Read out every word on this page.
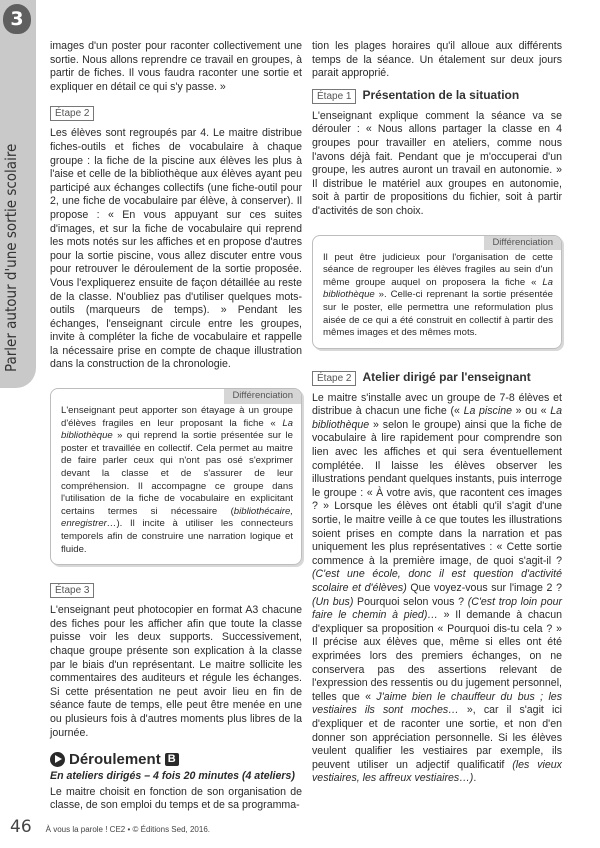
3
Parler autour d'une sortie scolaire

images d'un poster pour raconter collectivement une sortie. Nous allons reprendre ce travail en groupes, à partir de fiches. Il vous faudra raconter une sortie et expliquer en détail ce qui s'y passe. »

Étape 2

Les élèves sont regroupés par 4. Le maitre distribue fiches-outils et fiches de vocabulaire à chaque groupe : la fiche de la piscine aux élèves les plus à l'aise et celle de la bibliothèque aux élèves ayant peu participé aux échanges collectifs (une fiche-outil pour 2, une fiche de vocabulaire par élève, à conserver). Il propose : « En vous appuyant sur ces suites d'images, et sur la fiche de vocabulaire qui reprend les mots notés sur les affiches et en propose d'autres pour la sortie piscine, vous allez discuter entre vous pour retrouver le déroulement de la sortie proposée. Vous l'expliquerez ensuite de façon détaillée au reste de la classe. N'oubliez pas d'utiliser quelques mots-outils (marqueurs de temps). » Pendant les échanges, l'enseignant circule entre les groupes, invite à compléter la fiche de vocabulaire et rappelle la nécessaire prise en compte de chaque illustration dans la construction de la chronologie.

Différenciation

L'enseignant peut apporter son étayage à un groupe d'élèves fragiles en leur proposant la fiche « La bibliothèque » qui reprend la sortie présentée sur le poster et travaillée en collectif. Cela permet au maitre de faire parler ceux qui n'ont pas osé s'exprimer devant la classe et de s'assurer de leur compréhension. Il accompagne ce groupe dans l'utilisation de la fiche de vocabulaire en explicitant certains termes si nécessaire (bibliothécaire, enregistrer…). Il incite à utiliser les connecteurs temporels afin de construire une narration logique et fluide.

Étape 3

L'enseignant peut photocopier en format A3 chacune des fiches pour les afficher afin que toute la classe puisse voir les deux supports. Successivement, chaque groupe présente son explication à la classe par le biais d'un représentant. Le maitre sollicite les commentaires des auditeurs et régule les échanges. Si cette présentation ne peut avoir lieu en fin de séance faute de temps, elle peut être menée en une ou plusieurs fois à d'autres moments plus libres de la journée.

Déroulement B

En ateliers dirigés – 4 fois 20 minutes (4 ateliers)

Le maitre choisit en fonction de son organisation de classe, de son emploi du temps et de sa programma-

tion les plages horaires qu'il alloue aux différents temps de la séance. Un étalement sur deux jours parait approprié.

Étape 1 Présentation de la situation

L'enseignant explique comment la séance va se dérouler : « Nous allons partager la classe en 4 groupes pour travailler en ateliers, comme nous l'avons déjà fait. Pendant que je m'occuperai d'un groupe, les autres auront un travail en autonomie. » Il distribue le matériel aux groupes en autonomie, soit à partir de propositions du fichier, soit à partir d'activités de son choix.

Différenciation

Il peut être judicieux pour l'organisation de cette séance de regrouper les élèves fragiles au sein d'un même groupe auquel on proposera la fiche « La bibliothèque ». Celle-ci reprenant la sortie présentée sur le poster, elle permettra une reformulation plus aisée de ce qui a été construit en collectif à partir des mêmes images et des mêmes mots.

Étape 2 Atelier dirigé par l'enseignant

Le maitre s'installe avec un groupe de 7-8 élèves et distribue à chacun une fiche (« La piscine » ou « La bibliothèque » selon le groupe) ainsi que la fiche de vocabulaire à lire rapidement pour comprendre son lien avec les affiches et qui sera éventuellement complétée. Il laisse les élèves observer les illustrations pendant quelques instants, puis interroge le groupe : « À votre avis, que racontent ces images ? » Lorsque les élèves ont établi qu'il s'agit d'une sortie, le maitre veille à ce que toutes les illustrations soient prises en compte dans la narration et pas uniquement les plus représentatives : « Cette sortie commence à la première image, de quoi s'agit-il ? (C'est une école, donc il est question d'activité scolaire et d'élèves) Que voyez-vous sur l'image 2 ? (Un bus) Pourquoi selon vous ? (C'est trop loin pour faire le chemin à pied)… » Il demande à chacun d'expliquer sa proposition « Pourquoi dis-tu cela ? » Il précise aux élèves que, même si elles ont été exprimées lors des premiers échanges, on ne conservera pas des assertions relevant de l'expression des ressentis ou du jugement personnel, telles que « J'aime bien le chauffeur du bus ; les vestiaires ils sont moches… », car il s'agit ici d'expliquer et de raconter une sortie, et non d'en donner son appréciation personnelle. Si les élèves veulent qualifier les vestiaires par exemple, ils peuvent utiliser un adjectif qualificatif (les vieux vestiaires, les affreux vestiaires…).

46 À vous la parole ! CE2 • © Éditions Sed, 2016.
